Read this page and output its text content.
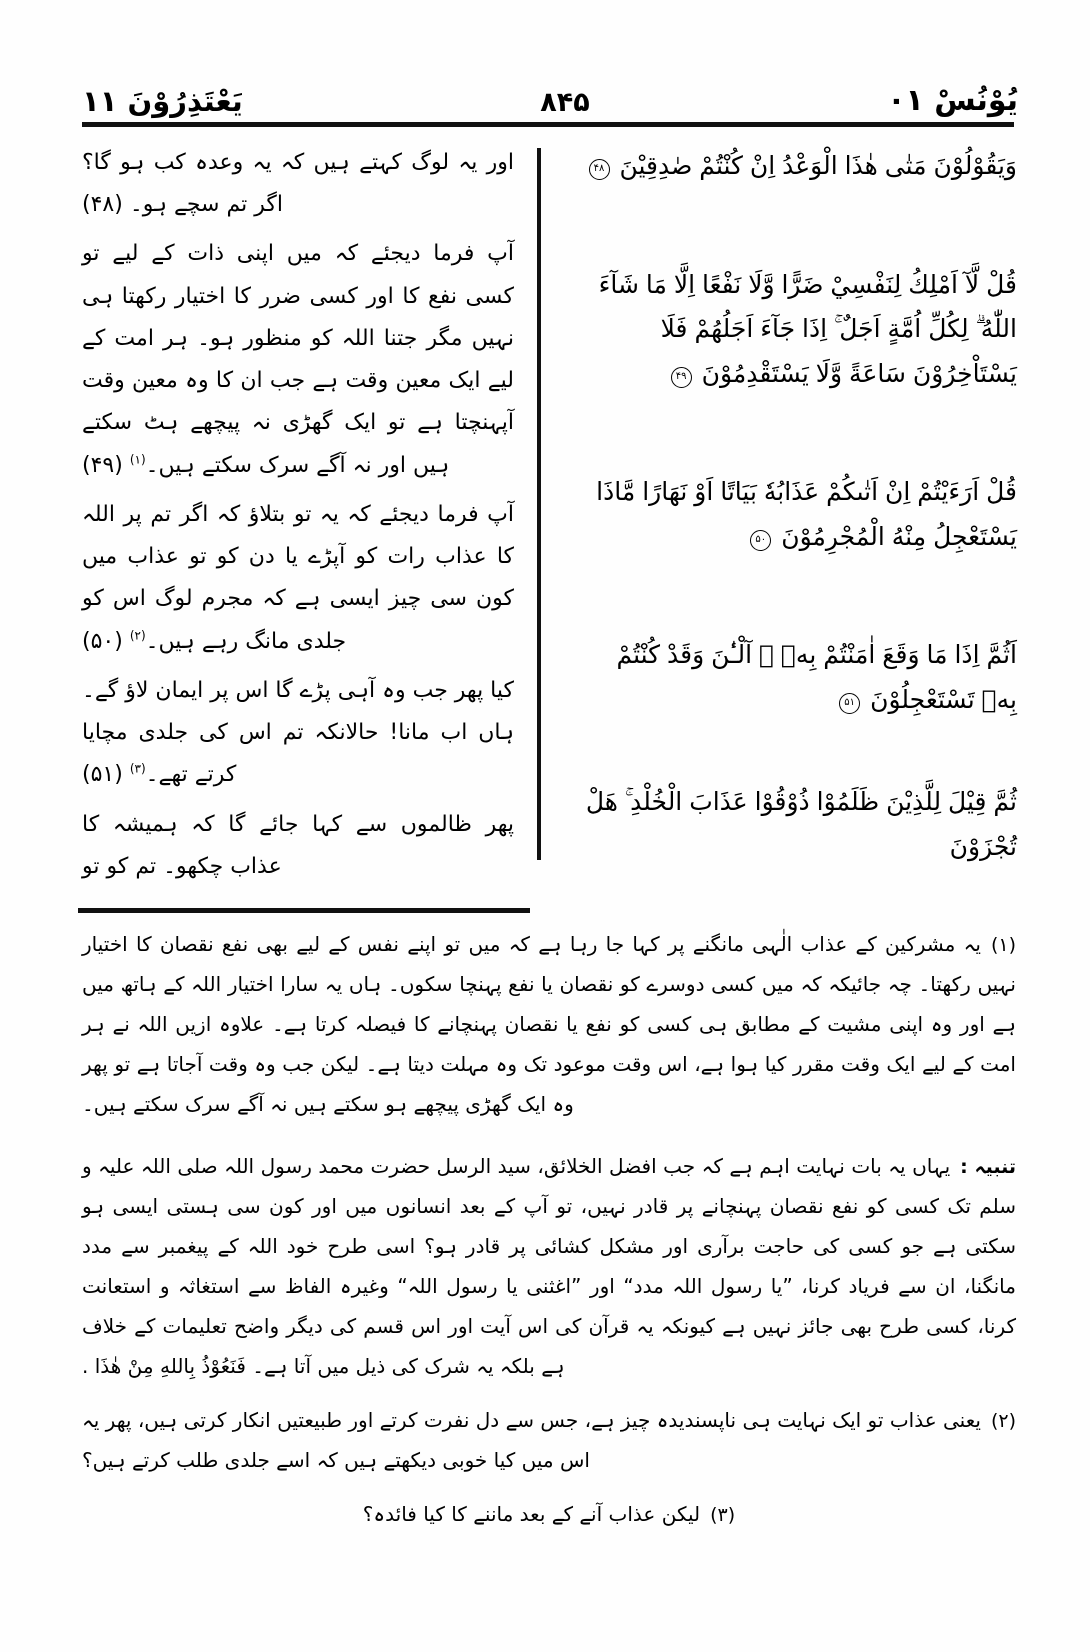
يُوْنُسْ ۱۰
۵۴۸
يَعْتَذِرُوْنَ ۱۱

وَيَقُوْلُوْنَ مَتٰى هٰذَا الْوَعْدُ اِنْ كُنْتُمْ صٰدِقِيْنَ ۴۸

قُلْ لَّآ اَمْلِكُ لِنَفْسِيْ ضَرًّا وَّلَا نَفْعًا اِلَّا مَا شَآءَ اللّٰهُ ۗ لِكُلِّ اُمَّةٍ اَجَلٌ ۚ اِذَا جَآءَ اَجَلُهُمْ فَلَا يَسْتَاْخِرُوْنَ سَاعَةً وَّلَا يَسْتَقْدِمُوْنَ ۴۹

قُلْ اَرَءَيْتُمْ اِنْ اَتٰىكُمْ عَذَابُهٗ بَيَاتًا اَوْ نَهَارًا مَّاذَا يَسْتَعْجِلُ مِنْهُ الْمُجْرِمُوْنَ ۵۰

اَثُمَّ اِذَا مَا وَقَعَ اٰمَنْتُمْ بِهٖ ۗ آلْـٰٔنَ وَقَدْ كُنْتُمْ بِهٖ تَسْتَعْجِلُوْنَ ۵۱

ثُمَّ قِيْلَ لِلَّذِيْنَ ظَلَمُوْا ذُوْقُوْا عَذَابَ الْخُلْدِ ۚ هَلْ تُجْزَوْنَ

اور یہ لوگ کہتے ہیں کہ یہ وعدہ کب ہو گا؟ اگر تم سچے ہو۔ (۴۸)

آپ فرما دیجئے کہ میں اپنی ذات کے لیے تو کسی نفع کا اور کسی ضرر کا اختیار رکھتا ہی نہیں مگر جتنا اللہ کو منظور ہو۔ ہر امت کے لیے ایک معین وقت ہے جب ان کا وہ معین وقت آپہنچتا ہے تو ایک گھڑی نہ پیچھے ہٹ سکتے ہیں اور نہ آگے سرک سکتے ہیں۔$^{(۱)}$ (۴۹)

آپ فرما دیجئے کہ یہ تو بتلاؤ کہ اگر تم پر اللہ کا عذاب رات کو آپڑے یا دن کو تو عذاب میں کون سی چیز ایسی ہے کہ مجرم لوگ اس کو جلدی مانگ رہے ہیں۔$^{(۲)}$ (۵۰)

کیا پھر جب وہ آہی پڑے گا اس پر ایمان لاؤ گے۔ ہاں اب مانا! حالانکہ تم اس کی جلدی مچایا کرتے تھے۔$^{(۳)}$ (۵۱)

پھر ظالموں سے کہا جائے گا کہ ہمیشہ کا عذاب چکھو۔ تم کو تو

(۱)یہ مشرکین کے عذاب الٰہی مانگنے پر کہا جا رہا ہے کہ میں تو اپنے نفس کے لیے بھی نفع نقصان کا اختیار نہیں رکھتا۔ چہ جائیکہ کہ میں کسی دوسرے کو نقصان یا نفع پہنچا سکوں۔ ہاں یہ سارا اختیار اللہ کے ہاتھ میں ہے اور وہ اپنی مشیت کے مطابق ہی کسی کو نفع یا نقصان پہنچانے کا فیصلہ کرتا ہے۔ علاوہ ازیں اللہ نے ہر امت کے لیے ایک وقت مقرر کیا ہوا ہے، اس وقت موعود تک وہ مہلت دیتا ہے۔ لیکن جب وہ وقت آجاتا ہے تو پھر وہ ایک گھڑی پیچھے ہو سکتے ہیں نہ آگے سرک سکتے ہیں۔

تنبیہ :یہاں یہ بات نہایت اہم ہے کہ جب افضل الخلائق، سید الرسل حضرت محمد رسول اللہ صلی اللہ علیہ و سلم تک کسی کو نفع نقصان پہنچانے پر قادر نہیں، تو آپ کے بعد انسانوں میں اور کون سی ہستی ایسی ہو سکتی ہے جو کسی کی حاجت برآری اور مشکل کشائی پر قادر ہو؟ اسی طرح خود اللہ کے پیغمبر سے مدد مانگنا، ان سے فریاد کرنا، ”یا رسول اللہ مدد“ اور ”اغثنی یا رسول اللہ“ وغیرہ الفاظ سے استغاثہ و استعانت کرنا، کسی طرح بھی جائز نہیں ہے کیونکہ یہ قرآن کی اس آیت اور اس قسم کی دیگر واضح تعلیمات کے خلاف ہے بلکہ یہ شرک کی ذیل میں آتا ہے۔ فَنَعُوْذُ بِاللهِ مِنْ هٰذَا .

(۲)یعنی عذاب تو ایک نہایت ہی ناپسندیدہ چیز ہے، جس سے دل نفرت کرتے اور طبیعتیں انکار کرتی ہیں، پھر یہ اس میں کیا خوبی دیکھتے ہیں کہ اسے جلدی طلب کرتے ہیں؟

(۳)لیکن عذاب آنے کے بعد ماننے کا کیا فائدہ؟
